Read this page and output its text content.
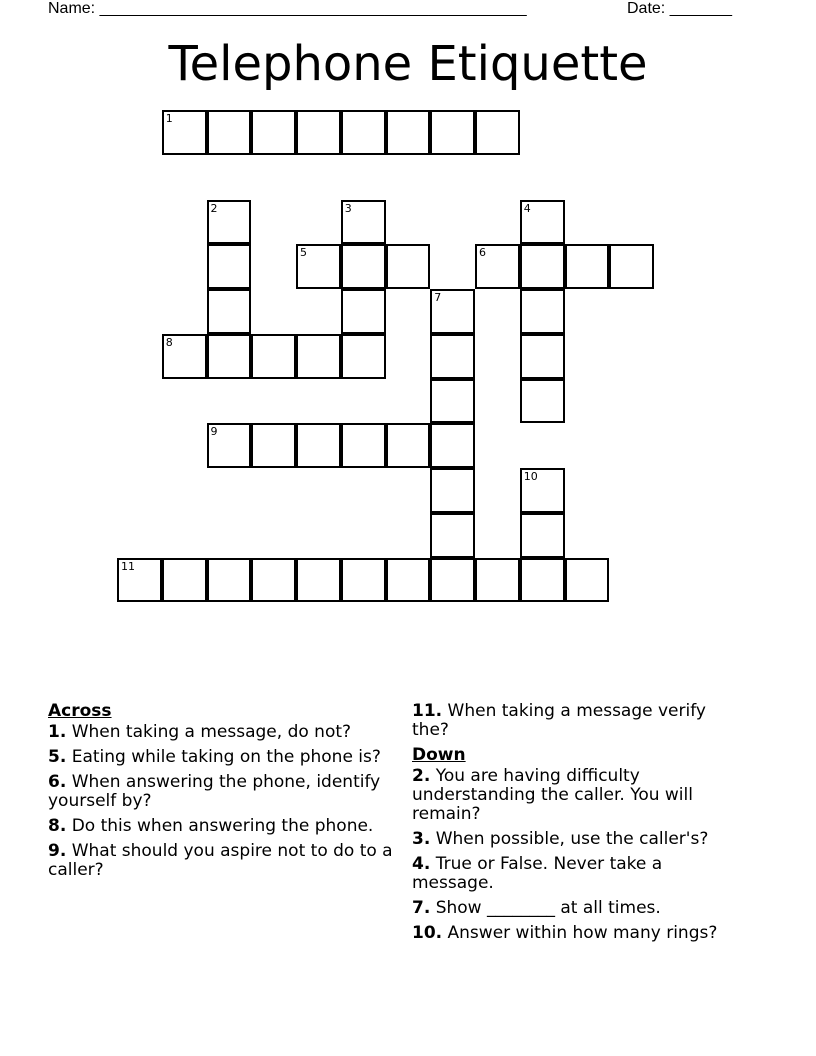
Name: ________________________________________________	Date: _______
Telephone Etiquette
1
2	3	4
5	6
7
8
9
10
11
Across
1. When taking a message, do not?
5. Eating while taking on the phone is?
6. When answering the phone, identify yourself by?
8. Do this when answering the phone.
9. What should you aspire not to do to a caller?
11. When taking a message verify the?
Down
2. You are having difficulty understanding the caller. You will remain?
3. When possible, use the caller's?
4. True or False. Never take a message.
7. Show ________ at all times.
10. Answer within how many rings?
